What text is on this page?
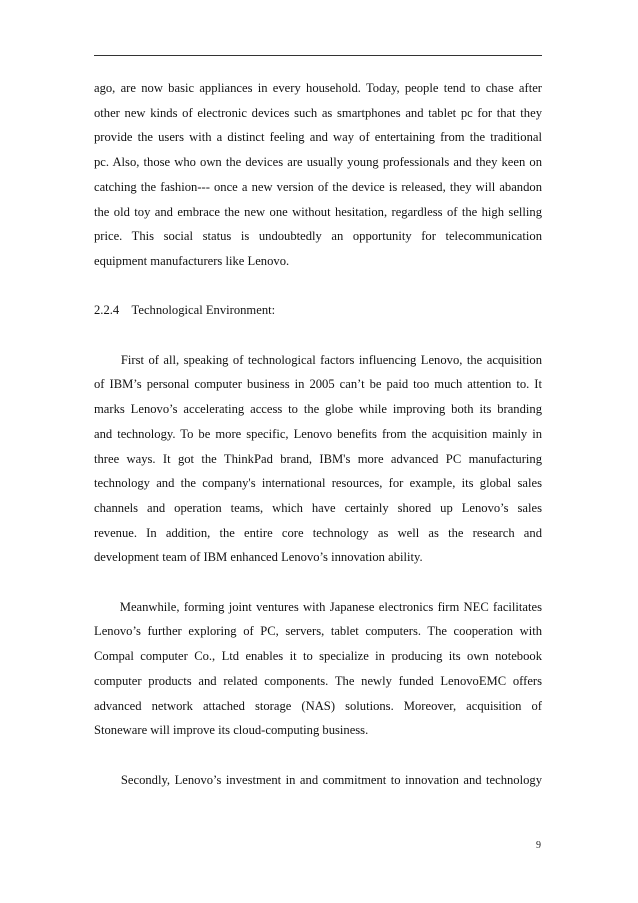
ago, are now basic appliances in every household. Today, people tend to chase after
other new kinds of electronic devices such as smartphones and tablet pc for that they
provide the users with a distinct feeling and way of entertaining from the traditional
pc. Also, those who own the devices are usually young professionals and they keen on
catching the fashion--- once a new version of the device is released, they will abandon
the old toy and embrace the new one without hesitation, regardless of the high selling
price. This social status is undoubtedly an opportunity for telecommunication
equipment manufacturers like Lenovo.
2.2.4    Technological Environment:
First of all, speaking of technological factors influencing Lenovo, the acquisition
of IBM’s personal computer business in 2005 can’t be paid too much attention to. It
marks Lenovo’s accelerating access to the globe while improving both its branding
and technology. To be more specific, Lenovo benefits from the acquisition mainly in
three ways. It got the ThinkPad brand, IBM's more advanced PC manufacturing
technology and the company's international resources, for example, its global sales
channels and operation teams, which have certainly shored up Lenovo’s sales
revenue. In addition, the entire core technology as well as the research and
development team of IBM enhanced Lenovo’s innovation ability.
Meanwhile, forming joint ventures with Japanese electronics firm NEC facilitates
Lenovo’s further exploring of PC, servers, tablet computers. The cooperation with
Compal computer Co., Ltd enables it to specialize in producing its own notebook
computer products and related components. The newly funded LenovoEMC offers
advanced network attached storage (NAS) solutions. Moreover, acquisition of
Stoneware will improve its cloud-computing business.
Secondly, Lenovo’s investment in and commitment to innovation and technology
9
